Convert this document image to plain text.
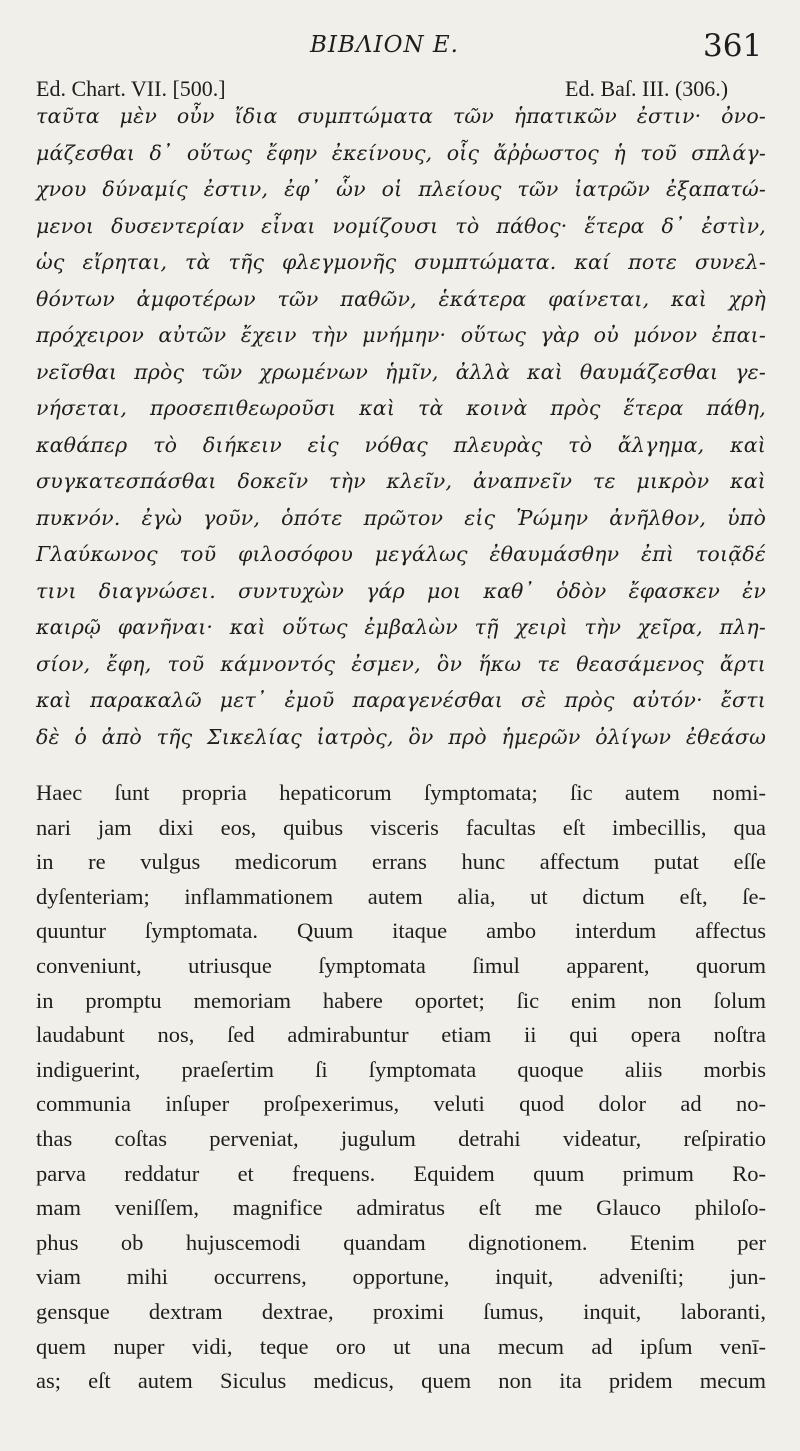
ΒΙΒΛΙΟΝ Ε.	361
Ed. Chart. VII. [500.]	Ed. Baſ. III. (306.)
ταῦτα μὲν οὖν ἴδια συμπτώματα τῶν ἡπατικῶν ἐστιν· ὀνο-
μάζεσθαι δ᾽ οὕτως ἔφην ἐκείνους, οἷς ἄῤῥωστος ἡ τοῦ σπλάγ-
χνου δύναμίς ἐστιν, ἐφ᾽ ὧν οἱ πλείους τῶν ἰατρῶν ἐξαπατώ-
μενοι δυσεντερίαν εἶναι νομίζουσι τὸ πάθος· ἕτερα δ᾽ ἐστὶν,
ὡς εἴρηται, τὰ τῆς φλεγμονῆς συμπτώματα. καί ποτε συνελ-
θόντων ἀμφοτέρων τῶν παθῶν, ἑκάτερα φαίνεται, καὶ χρὴ
πρόχειρον αὐτῶν ἔχειν τὴν μνήμην· οὕτως γὰρ οὐ μόνον ἐπαι-
νεῖσθαι πρὸς τῶν χρωμένων ἡμῖν, ἀλλὰ καὶ θαυμάζεσθαι γε-
νήσεται, προσεπιθεωροῦσι καὶ τὰ κοινὰ πρὸς ἕτερα πάθη,
καθάπερ τὸ διήκειν εἰς νόθας πλευρὰς τὸ ἄλγημα, καὶ
συγκατεσπάσθαι δοκεῖν τὴν κλεῖν, ἀναπνεῖν τε μικρὸν καὶ
πυκνόν. ἐγὼ γοῦν, ὁπότε πρῶτον εἰς Ῥώμην ἀνῆλθον, ὑπὸ
Γλαύκωνος τοῦ φιλοσόφου μεγάλως ἐθαυμάσθην ἐπὶ τοιᾷδέ
τινι διαγνώσει. συντυχὼν γάρ μοι καθ᾽ ὁδὸν ἔφασκεν ἐν
καιρῷ φανῆναι· καὶ οὕτως ἐμβαλὼν τῇ χειρὶ τὴν χεῖρα, πλη-
σίον, ἔφη, τοῦ κάμνοντός ἐσμεν, ὃν ἥκω τε θεασάμενος ἄρτι
καὶ παρακαλῶ μετ᾽ ἐμοῦ παραγενέσθαι σὲ πρὸς αὐτόν· ἔστι
δὲ ὁ ἀπὸ τῆς Σικελίας ἰατρὸς, ὃν πρὸ ἡμερῶν ὀλίγων ἐθεάσω
Haec ſunt propria hepaticorum ſymptomata; ſic autem nomi-
nari jam dixi eos, quibus visceris facultas eſt imbecillis, qua
in re vulgus medicorum errans hunc affectum putat eſſe
dyſenteriam; inflammationem autem alia, ut dictum eſt, ſe-
quuntur ſymptomata. Quum itaque ambo interdum affectus
conveniunt, utriusque ſymptomata ſimul apparent, quorum
in promptu memoriam habere oportet; ſic enim non ſolum
laudabunt nos, ſed admirabuntur etiam ii qui opera noſtra
indiguerint, praeſertim ſi ſymptomata quoque aliis morbis
communia inſuper proſpexerimus, veluti quod dolor ad no-
thas coſtas perveniat, jugulum detrahi videatur, reſpiratio
parva reddatur et frequens. Equidem quum primum Ro-
mam veniſſem, magnifice admiratus eſt me Glauco philoſo-
phus ob hujuscemodi quandam dignotionem. Etenim per
viam mihi occurrens, opportune, inquit, adveniſti; jun-
gensque dextram dextrae, proximi ſumus, inquit, laboranti,
quem nuper vidi, teque oro ut una mecum ad ipſum venī-
as; eſt autem Siculus medicus, quem non ita pridem mecum
